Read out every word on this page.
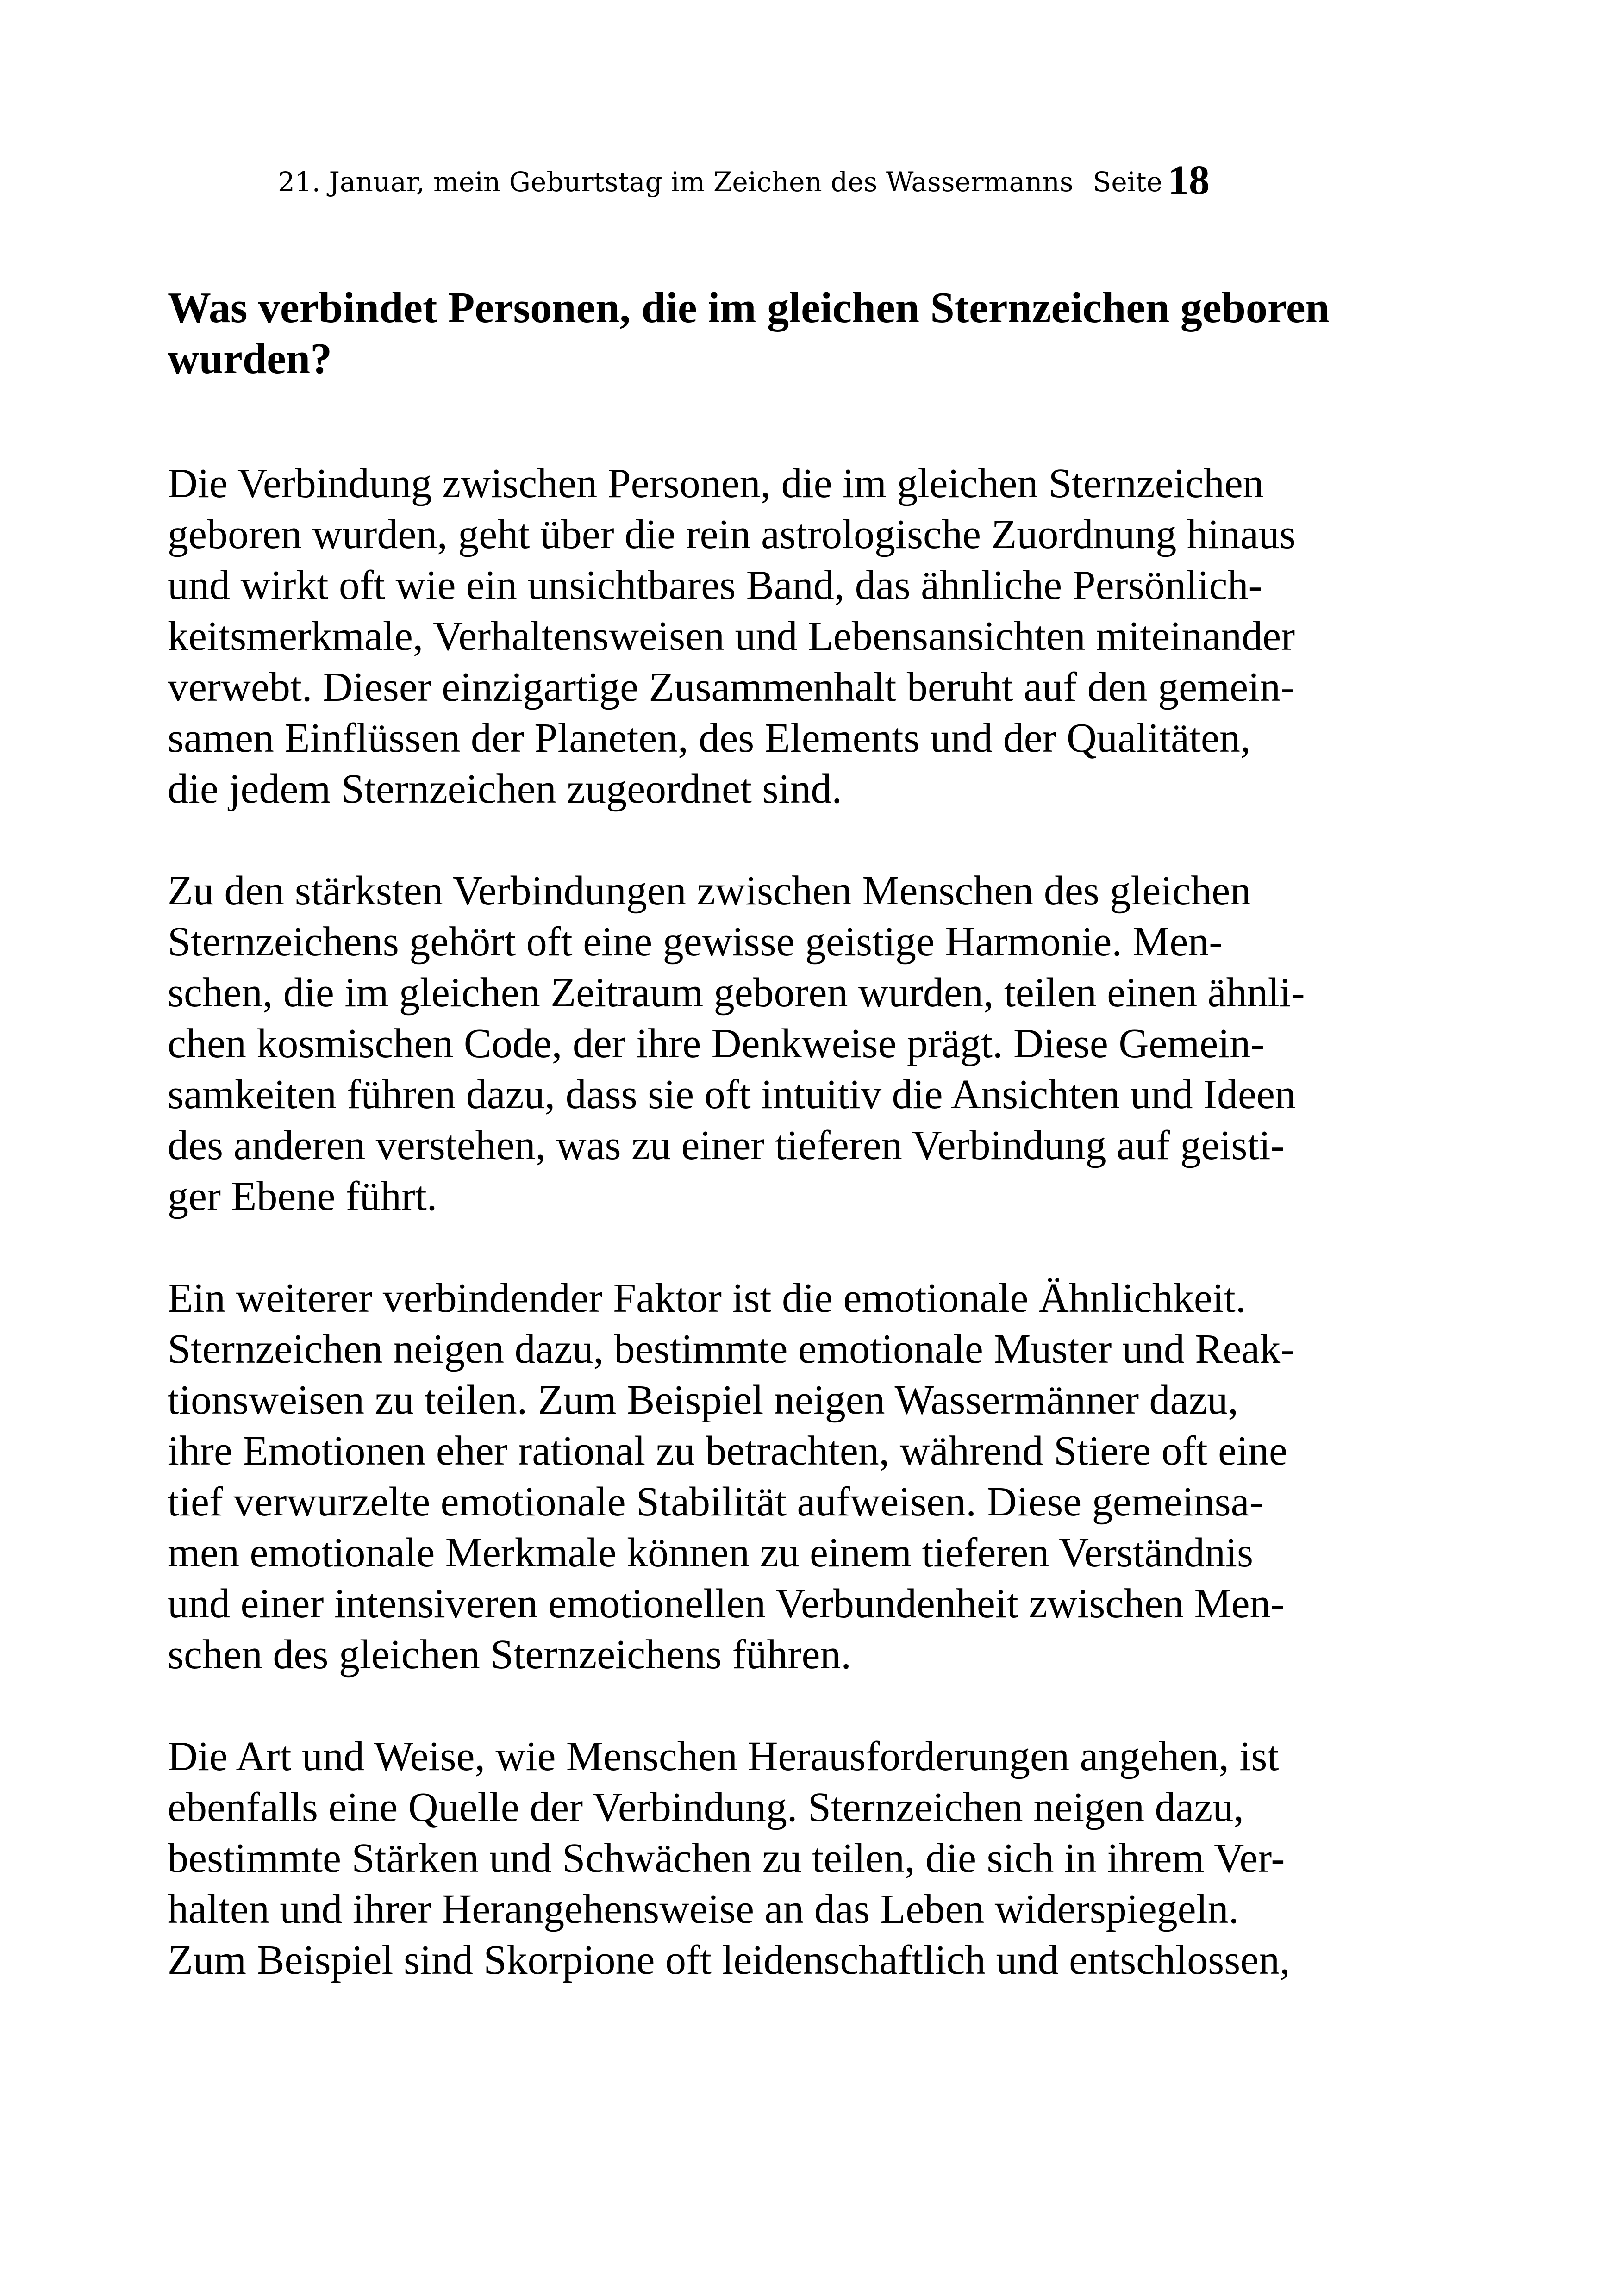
21. Januar, mein Geburtstag im Zeichen des Wassermanns Seite 18
Was verbindet Personen, die im gleichen Sternzeichen geboren
wurden?

Die Verbindung zwischen Personen, die im gleichen Sternzeichen
geboren wurden, geht über die rein astrologische Zuordnung hinaus
und wirkt oft wie ein unsichtbares Band, das ähnliche Persönlich-
keitsmerkmale, Verhaltensweisen und Lebensansichten miteinander
verwebt. Dieser einzigartige Zusammenhalt beruht auf den gemein-
samen Einflüssen der Planeten, des Elements und der Qualitäten,
die jedem Sternzeichen zugeordnet sind.

Zu den stärksten Verbindungen zwischen Menschen des gleichen
Sternzeichens gehört oft eine gewisse geistige Harmonie. Men-
schen, die im gleichen Zeitraum geboren wurden, teilen einen ähnli-
chen kosmischen Code, der ihre Denkweise prägt. Diese Gemein-
samkeiten führen dazu, dass sie oft intuitiv die Ansichten und Ideen
des anderen verstehen, was zu einer tieferen Verbindung auf geisti-
ger Ebene führt.

Ein weiterer verbindender Faktor ist die emotionale Ähnlichkeit.
Sternzeichen neigen dazu, bestimmte emotionale Muster und Reak-
tionsweisen zu teilen. Zum Beispiel neigen Wassermänner dazu,
ihre Emotionen eher rational zu betrachten, während Stiere oft eine
tief verwurzelte emotionale Stabilität aufweisen. Diese gemeinsa-
men emotionale Merkmale können zu einem tieferen Verständnis
und einer intensiveren emotionellen Verbundenheit zwischen Men-
schen des gleichen Sternzeichens führen.

Die Art und Weise, wie Menschen Herausforderungen angehen, ist
ebenfalls eine Quelle der Verbindung. Sternzeichen neigen dazu,
bestimmte Stärken und Schwächen zu teilen, die sich in ihrem Ver-
halten und ihrer Herangehensweise an das Leben widerspiegeln.
Zum Beispiel sind Skorpione oft leidenschaftlich und entschlossen,
